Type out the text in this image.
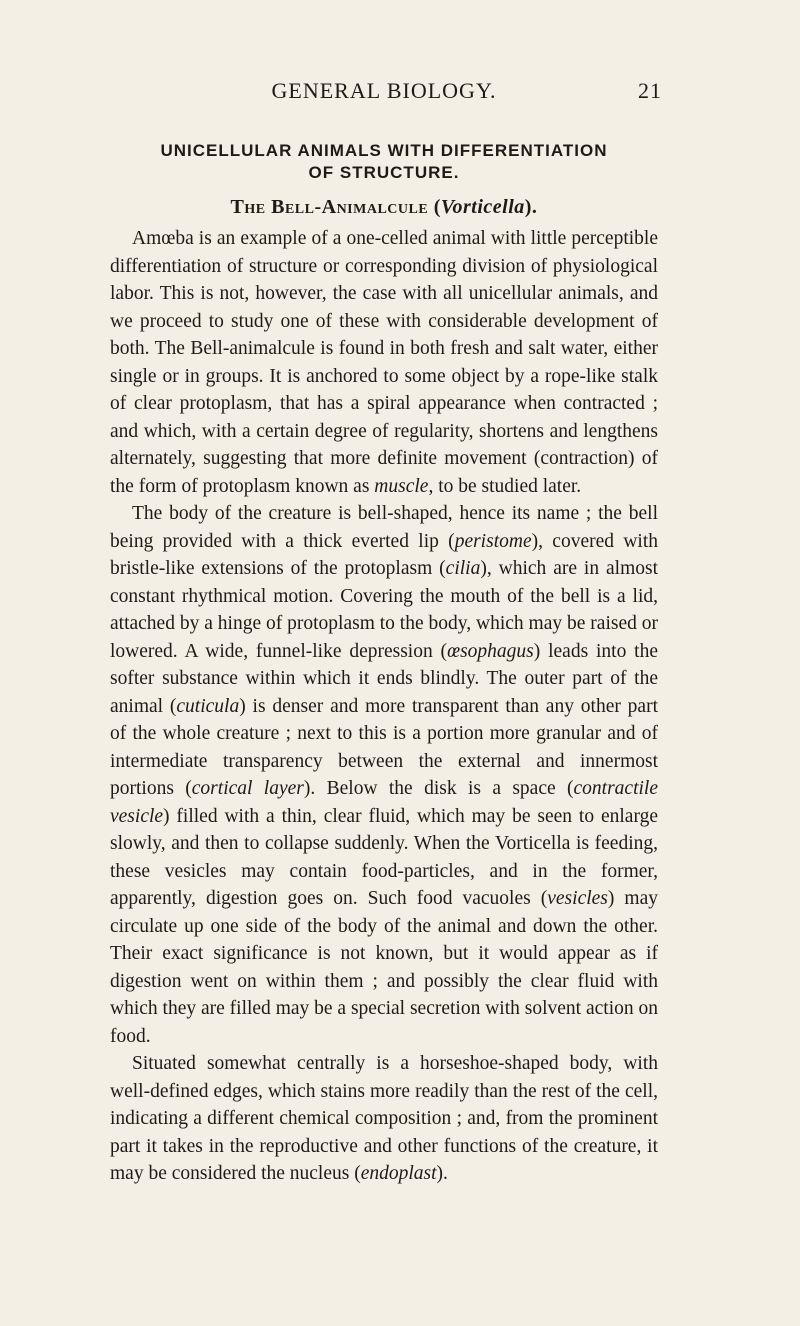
GENERAL BIOLOGY.	21
UNICELLULAR ANIMALS WITH DIFFERENTIATION
OF STRUCTURE.
The Bell-Animalcule (Vorticella).

Amœba is an example of a one-celled animal with little perceptible differentiation of structure or corresponding division of physiological labor. This is not, however, the case with all unicellular animals, and we proceed to study one of these with considerable development of both. The Bell-animalcule is found in both fresh and salt water, either single or in groups. It is anchored to some object by a rope-like stalk of clear protoplasm, that has a spiral appearance when contracted ; and which, with a certain degree of regularity, shortens and lengthens alternately, suggesting that more definite movement (contraction) of the form of protoplasm known as muscle, to be studied later.

The body of the creature is bell-shaped, hence its name ; the bell being provided with a thick everted lip (peristome), covered with bristle-like extensions of the protoplasm (cilia), which are in almost constant rhythmical motion. Covering the mouth of the bell is a lid, attached by a hinge of protoplasm to the body, which may be raised or lowered. A wide, funnel-like depression (œsophagus) leads into the softer substance within which it ends blindly. The outer part of the animal (cuticula) is denser and more transparent than any other part of the whole creature ; next to this is a portion more granular and of intermediate transparency between the external and innermost portions (cortical layer). Below the disk is a space (contractile vesicle) filled with a thin, clear fluid, which may be seen to enlarge slowly, and then to collapse suddenly. When the Vorticella is feeding, these vesicles may contain food-particles, and in the former, apparently, digestion goes on. Such food vacuoles (vesicles) may circulate up one side of the body of the animal and down the other. Their exact significance is not known, but it would appear as if digestion went on within them ; and possibly the clear fluid with which they are filled may be a special secretion with solvent action on food.

Situated somewhat centrally is a horseshoe-shaped body, with well-defined edges, which stains more readily than the rest of the cell, indicating a different chemical composition ; and, from the prominent part it takes in the reproductive and other functions of the creature, it may be considered the nucleus (endoplast).
